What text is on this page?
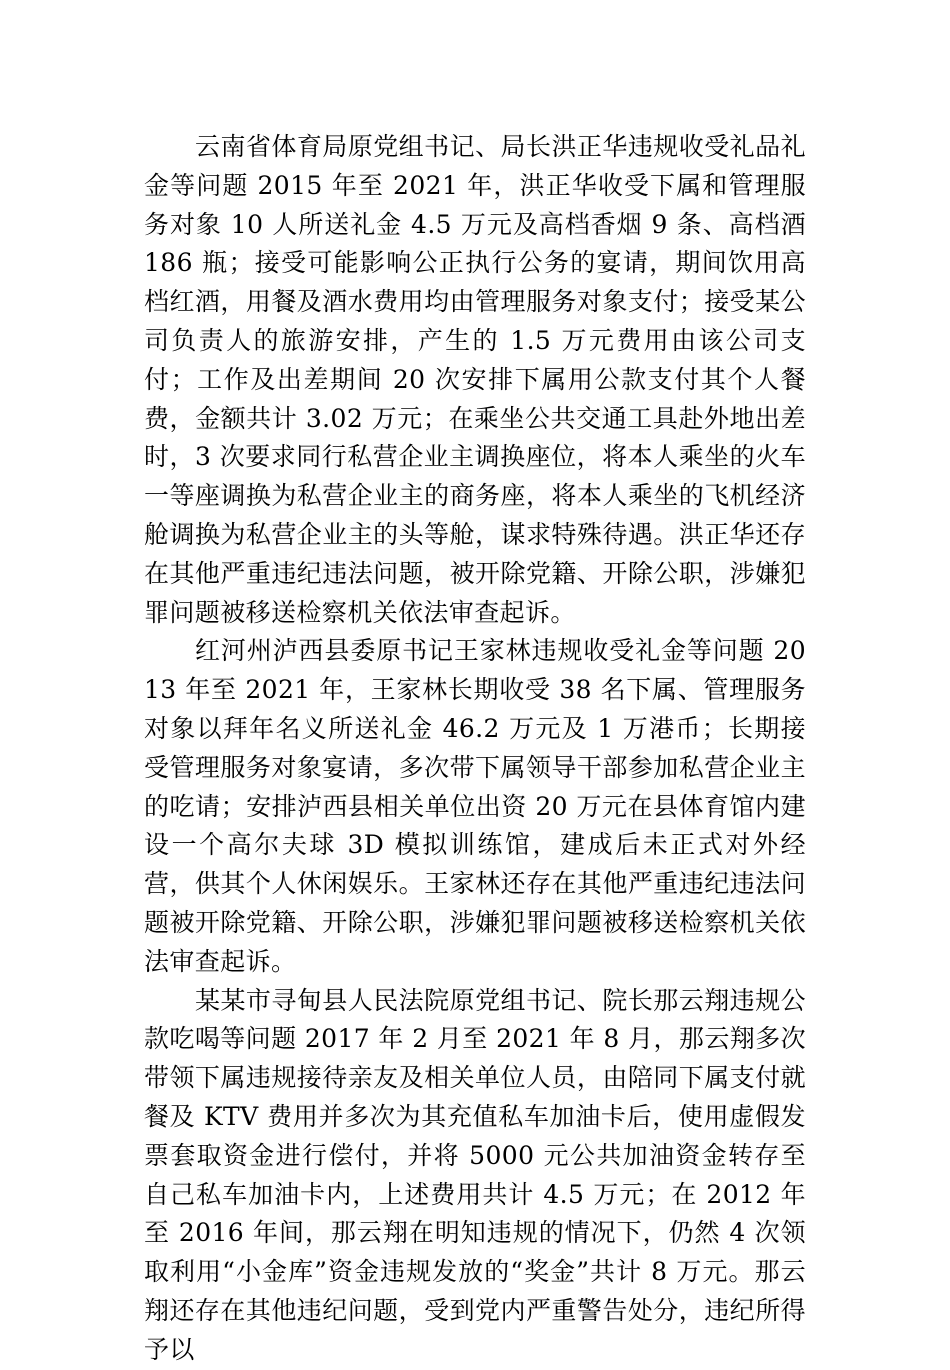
云南省体育局原党组书记、局长洪正华违规收受礼品礼金等问题 2015 年至 2021 年，洪正华收受下属和管理服务对象 10 人所送礼金 4.5 万元及高档香烟 9 条、高档酒 186 瓶；接受可能影响公正执行公务的宴请，期间饮用高档红酒，用餐及酒水费用均由管理服务对象支付；接受某公司负责人的旅游安排，产生的 1.5 万元费用由该公司支付；工作及出差期间 20 次安排下属用公款支付其个人餐费，金额共计 3.02 万元；在乘坐公共交通工具赴外地出差时，3 次要求同行私营企业主调换座位，将本人乘坐的火车一等座调换为私营企业主的商务座，将本人乘坐的飞机经济舱调换为私营企业主的头等舱，谋求特殊待遇。洪正华还存在其他严重违纪违法问题，被开除党籍、开除公职，涉嫌犯罪问题被移送检察机关依法审查起诉。

红河州泸西县委原书记王家林违规收受礼金等问题 2013 年至 2021 年，王家林长期收受 38 名下属、管理服务对象以拜年名义所送礼金 46.2 万元及 1 万港币；长期接受管理服务对象宴请，多次带下属领导干部参加私营企业主的吃请；安排泸西县相关单位出资 20 万元在县体育馆内建设一个高尔夫球 3D 模拟训练馆，建成后未正式对外经营，供其个人休闲娱乐。王家林还存在其他严重违纪违法问题被开除党籍、开除公职，涉嫌犯罪问题被移送检察机关依法审查起诉。

某某市寻甸县人民法院原党组书记、院长那云翔违规公款吃喝等问题 2017 年 2 月至 2021 年 8 月，那云翔多次带领下属违规接待亲友及相关单位人员，由陪同下属支付就餐及 KTV 费用并多次为其充值私车加油卡后，使用虚假发票套取资金进行偿付，并将 5000 元公共加油资金转存至自己私车加油卡内，上述费用共计 4.5 万元；在 2012 年至 2016 年间，那云翔在明知违规的情况下，仍然 4 次领取利用“小金库”资金违规发放的“奖金”共计 8 万元。那云翔还存在其他违纪问题，受到党内严重警告处分，违纪所得予以
